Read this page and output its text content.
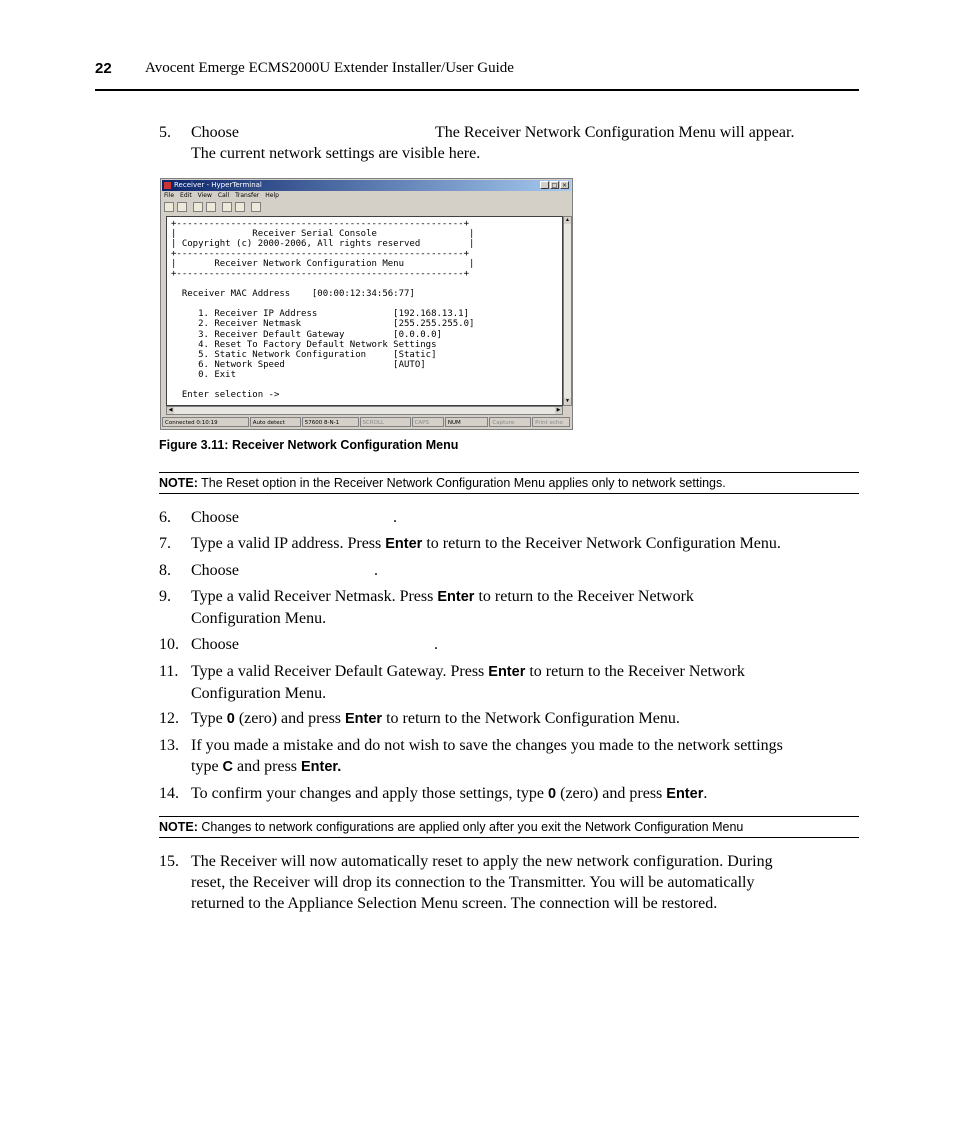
22 Avocent Emerge ECMS2000U Extender Installer/User Guide
5. Choose	The Receiver Network Configuration Menu will appear.

The current network settings are visible here.
Receiver - HyperTerminal	_ □ ×
File Edit View Call Transfer Help
+-----------------------------------------------------+
|              Receiver Serial Console                 |
| Copyright (c) 2000-2006, All rights reserved         |
+-----------------------------------------------------+
|       Receiver Network Configuration Menu            |
+-----------------------------------------------------+

Receiver MAC Address    [00:00:12:34:56:77]

1. Receiver IP Address              [192.168.13.1]
2. Receiver Netmask                 [255.255.255.0]
3. Receiver Default Gateway         [0.0.0.0]
4. Reset To Factory Default Network Settings
5. Static Network Configuration     [Static]
6. Network Speed                    [AUTO]
0. Exit

Enter selection ->
▲
▼
◀	▶
Connected 0:10:19	Auto detect	57600 8-N-1	SCROLL	CAPS	NUM	Capture	Print echo
Figure 3.11: Receiver Network Configuration Menu
NOTE: The Reset option in the Receiver Network Configuration Menu applies only to network settings.
6. Choose	.
7. Type a valid IP address. Press Enter to return to the Receiver Network Configuration Menu.
8. Choose	.
9. Type a valid Receiver Netmask. Press Enter to return to the Receiver Network
Configuration Menu.
10. Choose	.
11. Type a valid Receiver Default Gateway. Press Enter to return to the Receiver Network
Configuration Menu.
12. Type 0 (zero) and press Enter to return to the Network Configuration Menu.
13. If you made a mistake and do not wish to save the changes you made to the network settings
type C and press Enter.
14. To confirm your changes and apply those settings, type 0 (zero) and press Enter.
NOTE: Changes to network configurations are applied only after you exit the Network Configuration Menu
15. The Receiver will now automatically reset to apply the new network configuration. During
reset, the Receiver will drop its connection to the Transmitter. You will be automatically
returned to the Appliance Selection Menu screen. The connection will be restored.
